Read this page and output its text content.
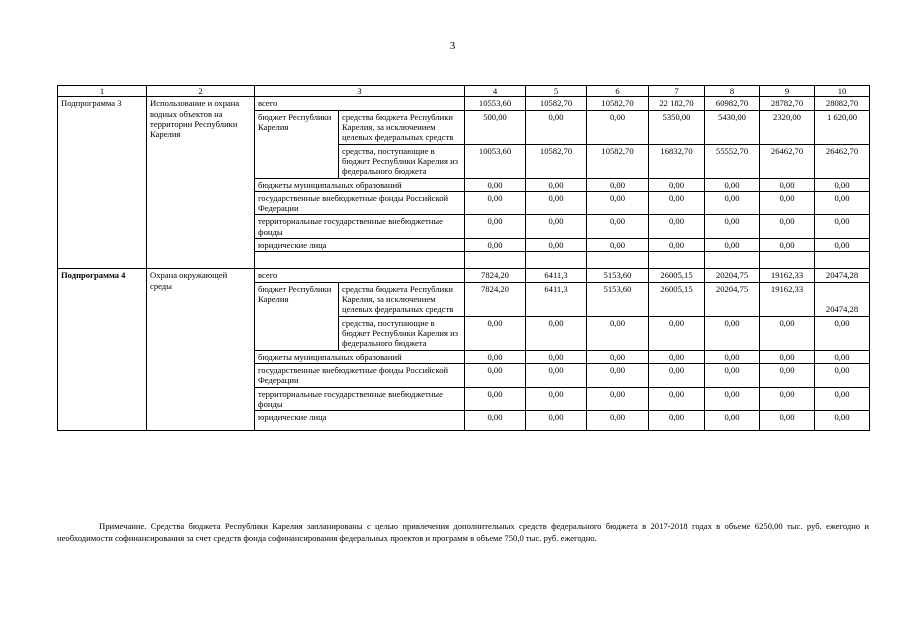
3
1	2	3		4	5	6	7	8	9	10
Подпрограмма 3	Использование и охрана водных объектов на территории Республики Карелия	всего		10553,60	10582,70	10582,70	22 182,70	60982,70	28782,70	28082,70
		бюджет Республики Карелия	средства бюджета Республики Карелия, за исключением целевых федеральных средств	500,00	0,00	0,00	5350,00	5430,00	2320,00	1 620,00
			средства, поступающие в бюджет Республики Карелия из федерального бюджета	10053,60	10582,70	10582,70	16832,70	55552,70	26462,70	26462,70
		бюджеты муниципальных образований		0,00	0,00	0,00	0,00	0,00	0,00	0,00
		государственные внебюджетные фонды Российской Федерации		0,00	0,00	0,00	0,00	0,00	0,00	0,00
		территориальные государственные внебюджетные фонды		0,00	0,00	0,00	0,00	0,00	0,00	0,00
		юридические лица		0,00	0,00	0,00	0,00	0,00	0,00	0,00

Подпрограмма 4	Охрана окружающей среды	всего		7824,20	6411,3	5153,60	26005,15	20204,75	19162,33	20474,28
		бюджет Республики Карелия	средства бюджета Республики Карелия, за исключением целевых федеральных средств	7824,20	6411,3	5153,60	26005,15	20204,75	19162,33	20474,28
			средства, поступающие в бюджет Республики Карелия из федерального бюджета	0,00	0,00	0,00	0,00	0,00	0,00	0,00
		бюджеты муниципальных образований		0,00	0,00	0,00	0,00	0,00	0,00	0,00
		государственные внебюджетные фонды Российской Федерации		0,00	0,00	0,00	0,00	0,00	0,00	0,00
		территориальные государственные внебюджетные фонды		0,00	0,00	0,00	0,00	0,00	0,00	0,00
		юридические лица		0,00	0,00	0,00	0,00	0,00	0,00	0,00
Примечание. Средства бюджета Республики Карелия запланированы с целью привлечения дополнительных средств федерального бюджета в 2017-2018 годах в объеме 6250,00 тыс. руб. ежегодно и необходимости софинансирования за счет средств фонда софинансирования федеральных проектов и программ в объеме 750,0 тыс. руб. ежегодно.
